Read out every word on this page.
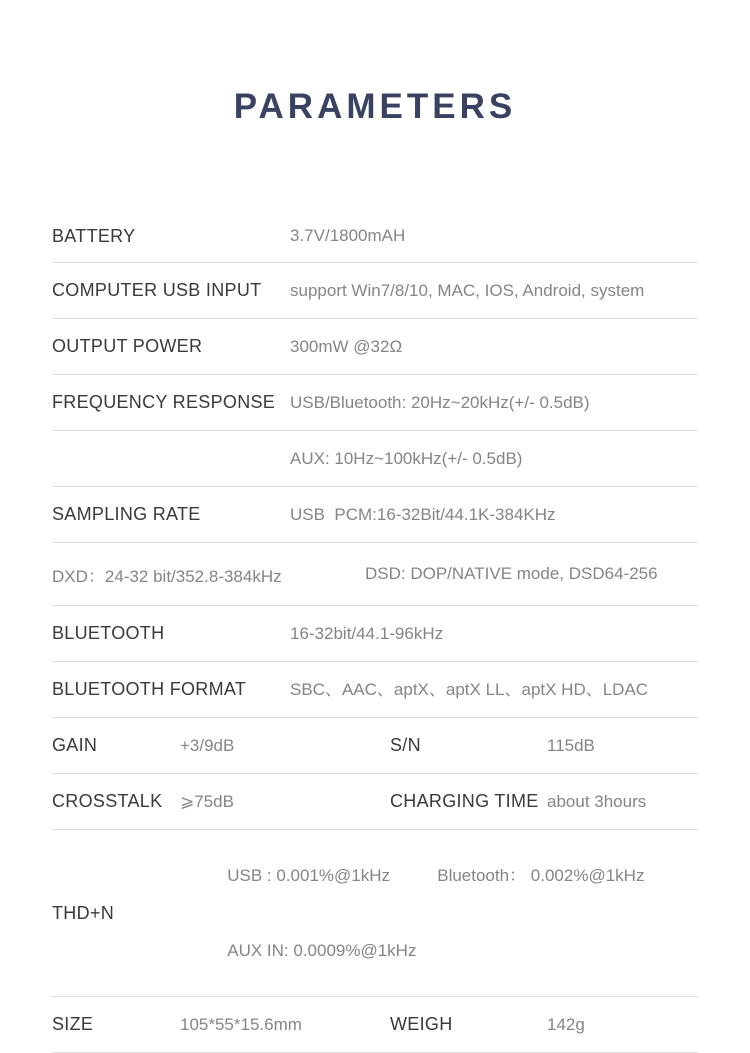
PARAMETERS
BATTERY	3.7V/1800mAH
COMPUTER USB INPUT	support Win7/8/10, MAC, IOS, Android, system
OUTPUT POWER	300mW @32Ω
FREQUENCY RESPONSE USB/Bluetooth: 20Hz~20kHz(+/- 0.5dB)
AUX: 10Hz~100kHz(+/- 0.5dB)
SAMPLING RATE	USB  PCM:16-32Bit/44.1K-384KHz
DXD：24-32 bit/352.8-384kHz	DSD: DOP/NATIVE mode, DSD64-256
BLUETOOTH	16-32bit/44.1-96kHz
BLUETOOTH FORMAT	SBC、AAC、aptX、aptX LL、aptX HD、LDAC
GAIN	+3/9dB	S/N	115dB
CROSSTALK	⩾75dB	CHARGING TIME about 3hours
THD+N

USB : 0.001%@1kHz	Bluetooth： 0.002%@1kHz

AUX IN: 0.0009%@1kHz

SIZE	105*55*15.6mm	WEIGH	142g
